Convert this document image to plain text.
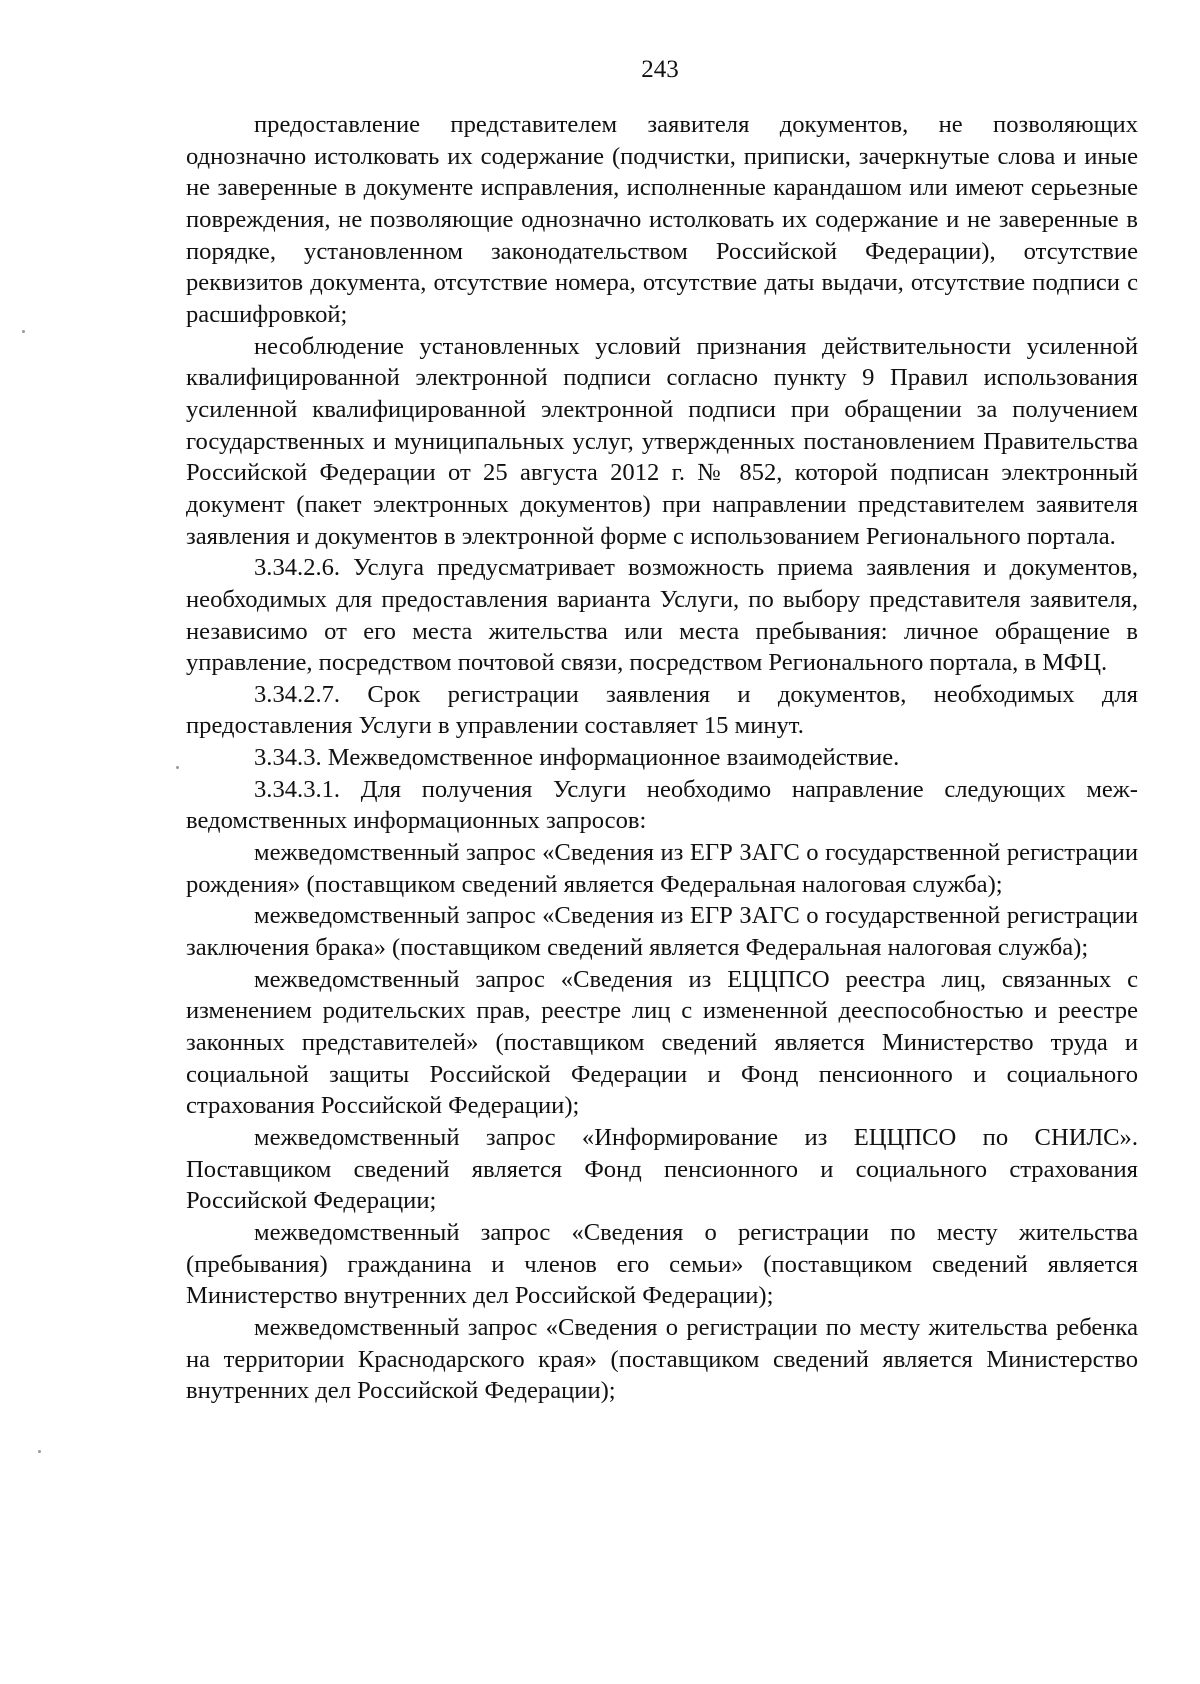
243

предоставление представителем заявителя документов, не позволяющих однозначно истолковать их содержание (подчистки, приписки, зачеркнутые слова и иные не заверенные в документе исправления, исполненные карандашом или имеют серьезные повреждения, не позволяющие однозначно истолковать их содержание и не заверенные в порядке, установленном законодательством Российской Федерации), отсутствие реквизитов документа, отсутствие номера, отсутствие даты выдачи, отсутствие подписи с расшифровкой;

несоблюдение установленных условий признания действительности усиленной квалифицированной электронной подписи согласно пункту 9 Правил использования усиленной квалифицированной электронной подписи при обращении за получением государственных и муниципальных услуг, утвержденных постановлением Правительства Российской Федерации от 25 августа 2012 г. № 852, которой подписан электронный документ (пакет электронных документов) при направлении представителем заявителя заявления и документов в электронной форме с использованием Регионального портала.

3.34.2.6. Услуга предусматривает возможность приема заявления и документов, необходимых для предоставления варианта Услуги, по выбору представителя заявителя, независимо от его места жительства или места пребывания: личное обращение в управление, посредством почтовой связи, посредством Регионального портала, в МФЦ.

3.34.2.7. Срок регистрации заявления и документов, необходимых для предоставления Услуги в управлении составляет 15 минут.

3.34.3. Межведомственное информационное взаимодействие.

3.34.3.1. Для получения Услуги необходимо направление следующих межведомственных информационных запросов:

межведомственный запрос «Сведения из ЕГР ЗАГС о государственной регистрации рождения» (поставщиком сведений является Федеральная налоговая служба);

межведомственный запрос «Сведения из ЕГР ЗАГС о государственной регистрации заключения брака» (поставщиком сведений является Федеральная налоговая служба);

межведомственный запрос «Сведения из ЕЦЦПСО реестра лиц, связанных с изменением родительских прав, реестре лиц с измененной дееспособностью и реестре законных представителей» (поставщиком сведений является Министерство труда и социальной защиты Российской Федерации и Фонд пенсионного и социального страхования Российской Федерации);

межведомственный запрос «Информирование из ЕЦЦПСО по СНИЛС». Поставщиком сведений является Фонд пенсионного и социального страхования Российской Федерации;

межведомственный запрос «Сведения о регистрации по месту жительства (пребывания) гражданина и членов его семьи» (поставщиком сведений является Министерство внутренних дел Российской Федерации);

межведомственный запрос «Сведения о регистрации по месту жительства ребенка на территории Краснодарского края» (поставщиком сведений является Министерство внутренних дел Российской Федерации);
